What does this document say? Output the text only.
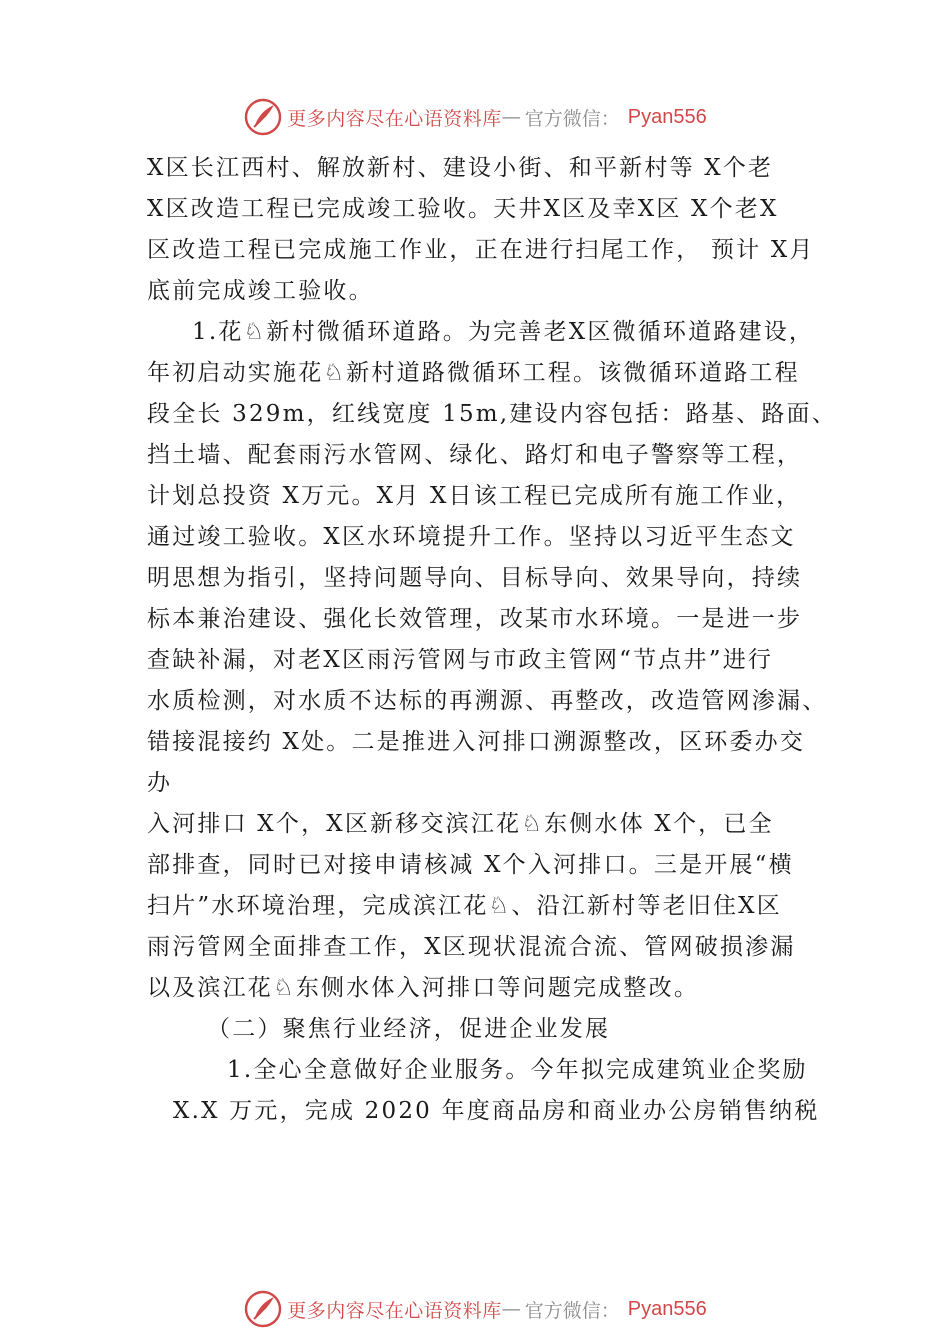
更多内容尽在心语资料库 — 官方微信： Pyan556
X区长江西村、解放新村、建设小街、和平新村等 X个老
X区改造工程已完成竣工验收。天井X区及幸X区 X个老X
区改造工程已完成施工作业，正在进行扫尾工作， 预计 X月
底前完成竣工验收。
1.花♘新村微循环道路。为完善老X区微循环道路建设，
年初启动实施花♘新村道路微循环工程。该微循环道路工程
段全长 329m，红线宽度 15m,建设内容包括：路基、路面、
挡土墙、配套雨污水管网、绿化、路灯和电子警察等工程，
计划总投资 X万元。X月 X日该工程已完成所有施工作业，
通过竣工验收。X区水环境提升工作。坚持以习近平生态文
明思想为指引，坚持问题导向、目标导向、效果导向，持续
标本兼治建设、强化长效管理，改某市水环境。一是进一步
查缺补漏，对老X区雨污管网与市政主管网“节点井”进行
水质检测，对水质不达标的再溯源、再整改，改造管网渗漏、
错接混接约 X处。二是推进入河排口溯源整改，区环委办交
办
入河排口 X个，X区新移交滨江花♘东侧水体 X个，已全
部排查，同时已对接申请核减 X个入河排口。三是开展“横
扫片”水环境治理，完成滨江花♘、沿江新村等老旧住X区
雨污管网全面排查工作，X区现状混流合流、管网破损渗漏
以及滨江花♘东侧水体入河排口等问题完成整改。
（二）聚焦行业经济，促进企业发展
1.全心全意做好企业服务。今年拟完成建筑业企奖励
X.X 万元，完成 2020 年度商品房和商业办公房销售纳税
更多内容尽在心语资料库 — 官方微信： Pyan556
